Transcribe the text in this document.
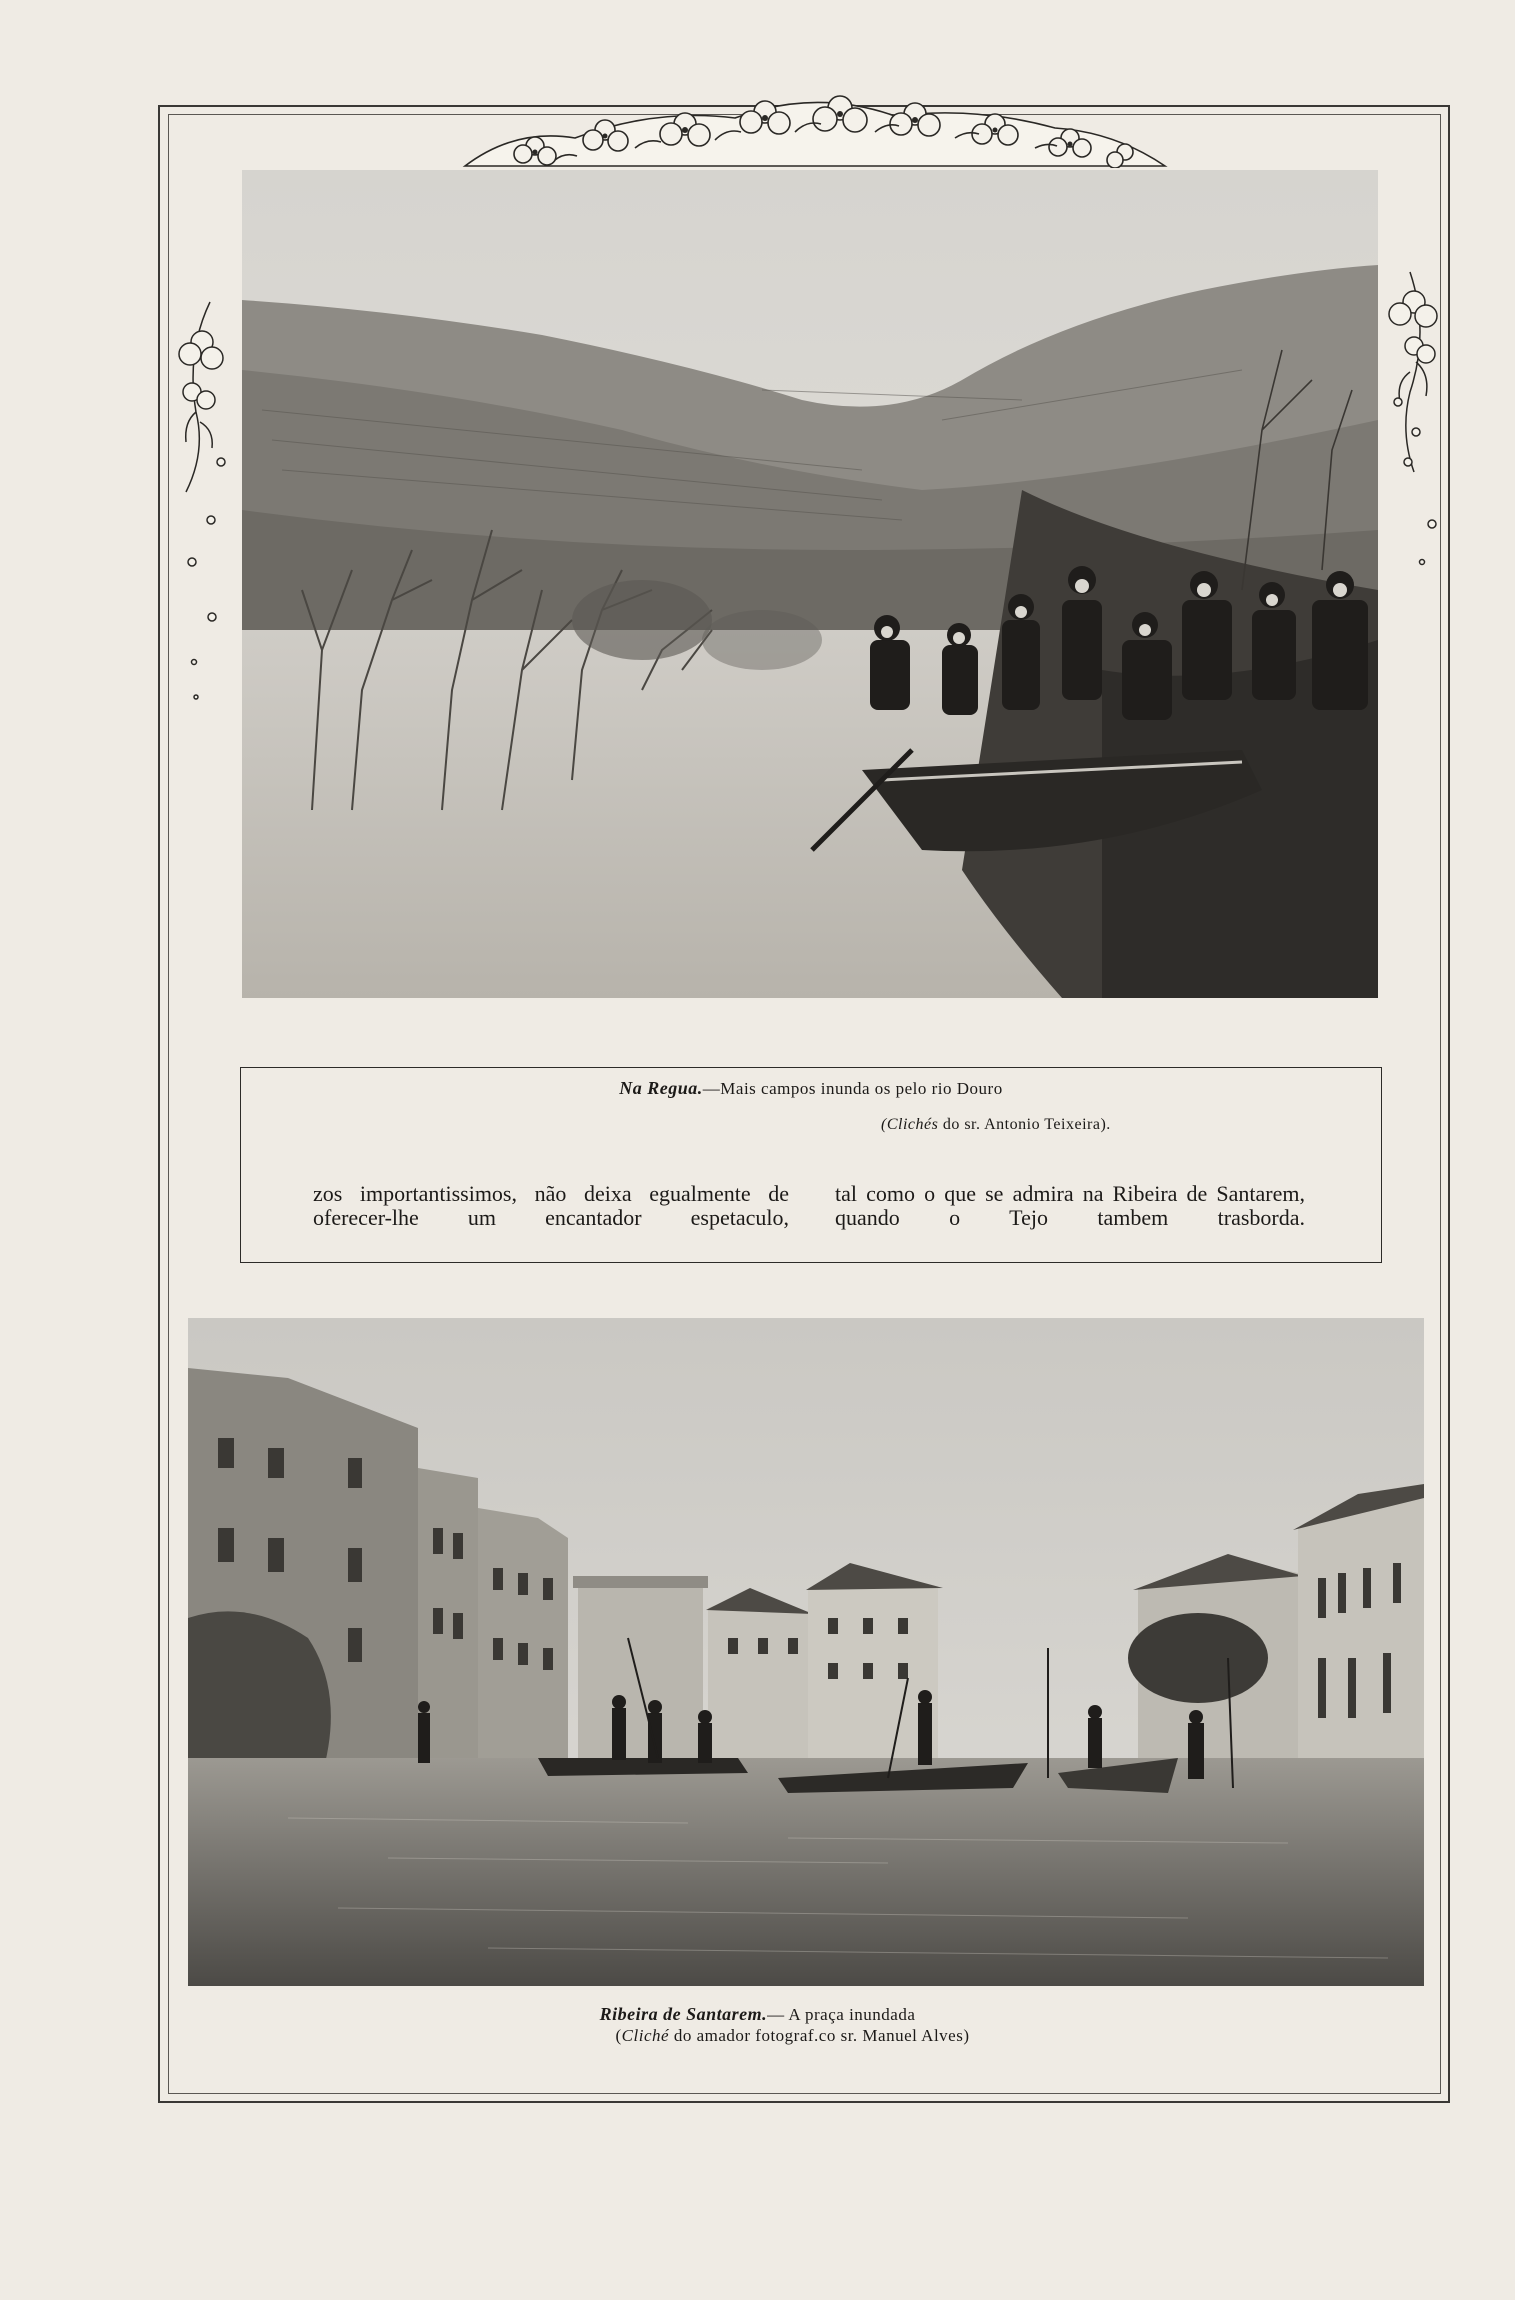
Na Regua.—Mais campos inunda os pelo rio Douro
(Clichés do sr. Antonio Teixeira).
zos importantissimos, não deixa egualmente de oferecer-lhe um encantador espetaculo,
tal como o que se admira na Ribeira de Santarem, quando o Tejo tambem trasborda.
Ribeira de Santarem.— A praça inundada
(Cliché do amador fotograf.co sr. Manuel Alves)
